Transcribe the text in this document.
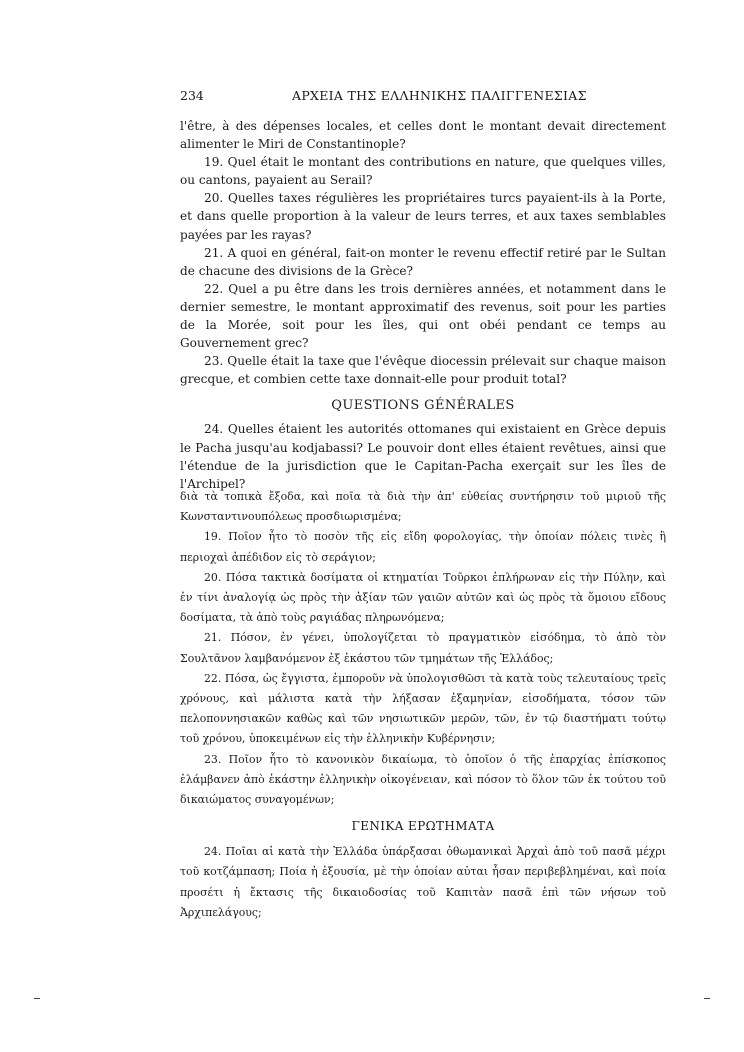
234	ΑΡΧΕΙΑ ΤΗΣ ΕΛΛΗΝΙΚΗΣ ΠΑΛΙΓΓΕΝΕΣΙΑΣ

l'être, à des dépenses locales, et celles dont le montant devait directement alimenter le Miri de Constantinople?

19. Quel était le montant des contributions en nature, que quelques villes, ou cantons, payaient au Serail?

20. Quelles taxes régulières les propriétaires turcs payaient-ils à la Porte, et dans quelle proportion à la valeur de leurs terres, et aux taxes semblables payées par les rayas?

21. A quoi en général, fait-on monter le revenu effectif retiré par le Sultan de chacune des divisions de la Grèce?

22. Quel a pu être dans les trois dernières années, et notamment dans le dernier semestre, le montant approximatif des revenus, soit pour les parties de la Morée, soit pour les îles, qui ont obéi pendant ce temps au Gouvernement grec?

23. Quelle était la taxe que l'évêque diocessin prélevait sur chaque maison grecque, et combien cette taxe donnait-elle pour produit total?

QUESTIONS GÉNÉRALES

24. Quelles étaient les autorités ottomanes qui existaient en Grèce depuis le Pacha jusqu'au kodjabassi? Le pouvoir dont elles étaient revêtues, ainsi que l'étendue de la jurisdiction que le Capitan-Pacha exerçait sur les îles de l'Archipel?

διὰ τὰ τοπικὰ ἔξοδα, καὶ ποῖα τὰ διὰ τὴν ἀπ' εὐθείας συντήρησιν τοῦ μιριοῦ τῆς Κωνσταντινουπόλεως προσδιωρισμένα;

19. Ποῖον ἦτο τὸ ποσὸν τῆς εἰς εἴδη φορολογίας, τὴν ὁποίαν πόλεις τινὲς ἢ περιοχαὶ ἀπέδιδον εἰς τὸ σεράγιον;

20. Πόσα τακτικὰ δοσίματα οἱ κτηματίαι Τοῦρκοι ἐπλήρωναν εἰς τὴν Πύλην, καὶ ἐν τίνι ἀναλογίᾳ ὡς πρὸς τὴν ἀξίαν τῶν γαιῶν αὐτῶν καὶ ὡς πρὸς τὰ ὅμοιου εἴδους δοσίματα, τὰ ἀπὸ τοὺς ραγιάδας πληρωνόμενα;

21. Πόσον, ἐν γένει, ὑπολογίζεται τὸ πραγματικὸν εἰσόδημα, τὸ ἀπὸ τὸν Σουλτᾶνον λαμβανόμενον ἐξ ἑκάστου τῶν τμημάτων τῆς Ἑλλάδος;

22. Πόσα, ὡς ἔγγιστα, ἐμποροῦν νὰ ὑπολογισθῶσι τὰ κατὰ τοὺς τελευταίους τρεῖς χρόνους, καὶ μάλιστα κατὰ τὴν λήξασαν ἑξαμηνίαν, εἰσοδήματα, τόσον τῶν πελοποννησιακῶν καθὼς καὶ τῶν νησιωτικῶν μερῶν, τῶν, ἐν τῷ διαστήματι τούτῳ τοῦ χρόνου, ὑποκειμένων εἰς τὴν ἑλληνικὴν Κυβέρνησιν;

23. Ποῖον ἦτο τὸ κανονικὸν δικαίωμα, τὸ ὁποῖον ὁ τῆς ἐπαρχίας ἐπίσκοπος ἐλάμβανεν ἀπὸ ἑκάστην ἑλληνικὴν οἰκογένειαν, καὶ πόσον τὸ ὅλον τῶν ἐκ τούτου τοῦ δικαιώματος συναγομένων;

ΓΕΝΙΚΑ ΕΡΩΤΗΜΑΤΑ

24. Ποῖαι αἱ κατὰ τὴν Ἑλλάδα ὑπάρξασαι ὀθωμανικαὶ Ἀρχαὶ ἀπὸ τοῦ πασᾶ μέχρι τοῦ κοτζάμπαση; Ποία ἡ ἐξουσία, μὲ τὴν ὁποίαν αὐται ἦσαν περιβεβλημέναι, καὶ ποία προσέτι ἡ ἔκτασις τῆς δικαιοδοσίας τοῦ Καπιτὰν πασᾶ ἐπὶ τῶν νήσων τοῦ Ἀρχιπελάγους;
